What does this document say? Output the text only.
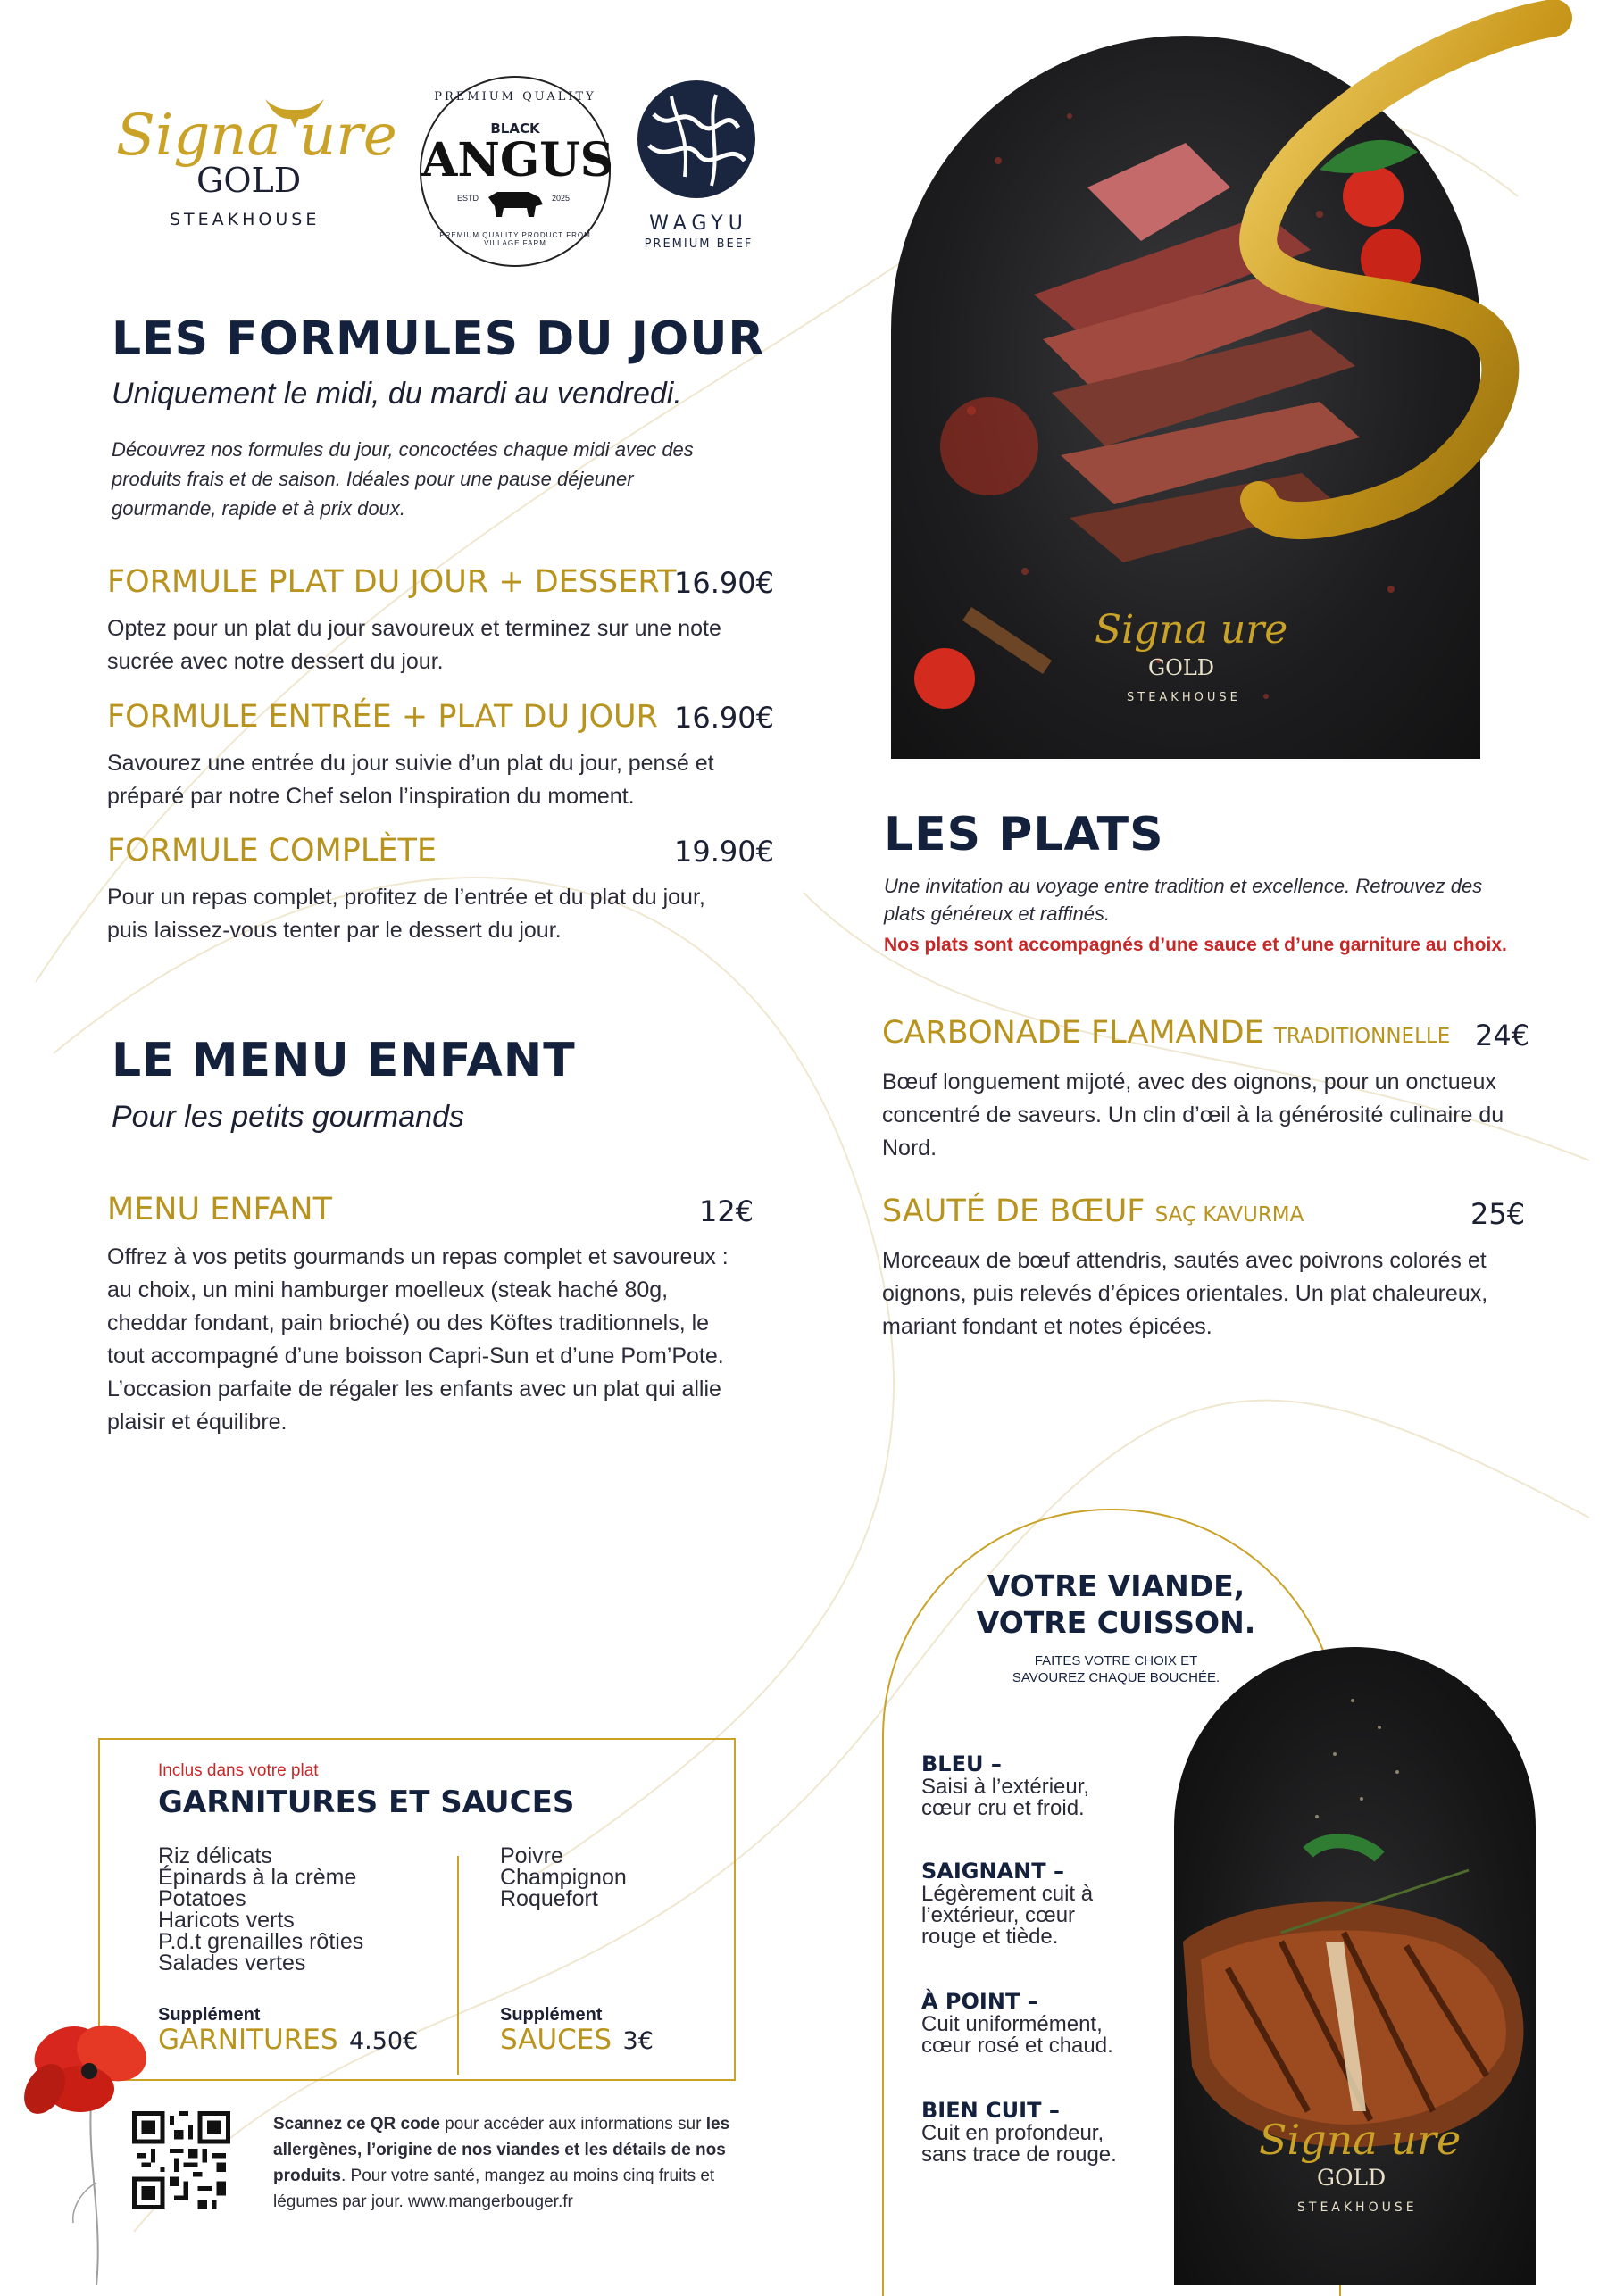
Signa ure
GOLD
STEAKHOUSE
PREMIUM QUALITY
BLACK
ANGUS
ESTD	2025
PREMIUM QUALITY PRODUCT FROM VILLAGE FARM
WAGYU
PREMIUM BEEF
LES FORMULES DU JOUR
Uniquement le midi, du mardi au vendredi.
Découvrez nos formules du jour, concoctées chaque midi avec des produits frais et de saison. Idéales pour une pause déjeuner gourmande, rapide et à prix doux.
FORMULE PLAT DU JOUR + DESSERT
16.90€
Optez pour un plat du jour savoureux et terminez sur une note sucrée avec notre dessert du jour.
FORMULE ENTRÉE + PLAT DU JOUR 16.90€
Savourez une entrée du jour suivie d’un plat du jour, pensé et préparé par notre Chef selon l’inspiration du moment.
FORMULE COMPLÈTE	19.90€
Pour un repas complet, profitez de l’entrée et du plat du jour, puis laissez-vous tenter par le dessert du jour.
LE MENU ENFANT
Pour les petits gourmands
MENU ENFANT	12€
Offrez à vos petits gourmands un repas complet et savoureux : au choix, un mini hamburger moelleux (steak haché 80g, cheddar fondant, pain brioché) ou des Köftes traditionnels, le tout accompagné d’une boisson Capri-Sun et d’une Pom’Pote. L’occasion parfaite de régaler les enfants avec un plat qui allie plaisir et équilibre.
Signa ure
GOLD
STEAKHOUSE
LES PLATS
Une invitation au voyage entre tradition et excellence. Retrouvez des plats généreux et raffinés.
Nos plats sont accompagnés d’une sauce et d’une garniture au choix.
CARBONADE FLAMANDE TRADITIONNELLE 24€
Bœuf longuement mijoté, avec des oignons, pour un onctueux concentré de saveurs. Un clin d’œil à la générosité culinaire du Nord.
SAUTÉ DE BŒUF SAÇ KAVURMA	25€
Morceaux de bœuf attendris, sautés avec poivrons colorés et oignons, puis relevés d’épices orientales. Un plat chaleureux, mariant fondant et notes épicées.
Inclus dans votre plat
GARNITURES ET SAUCES
Riz délicats
Épinards à la crème
Potatoes
Haricots verts
P.d.t grenailles rôties
Salades vertes
Poivre
Champignon
Roquefort
Supplément
GARNITURES 4.50€
Supplément
SAUCES 3€
Scannez ce QR code pour accéder aux informations sur les allergènes, l’origine de nos viandes et les détails de nos produits. Pour votre santé, mangez au moins cinq fruits et légumes par jour. www.mangerbouger.fr
VOTRE VIANDE,
VOTRE CUISSON.
FAITES VOTRE CHOIX ET
SAVOUREZ CHAQUE BOUCHÉE.
BLEU –
Saisi à l’extérieur,
cœur cru et froid.
SAIGNANT –
Légèrement cuit à
l’extérieur, cœur
rouge et tiède.
À POINT –
Cuit uniformément,
cœur rosé et chaud.
BIEN CUIT –
Cuit en profondeur,
sans trace de rouge.	Signa ure
GOLD
STEAKHOUSE
